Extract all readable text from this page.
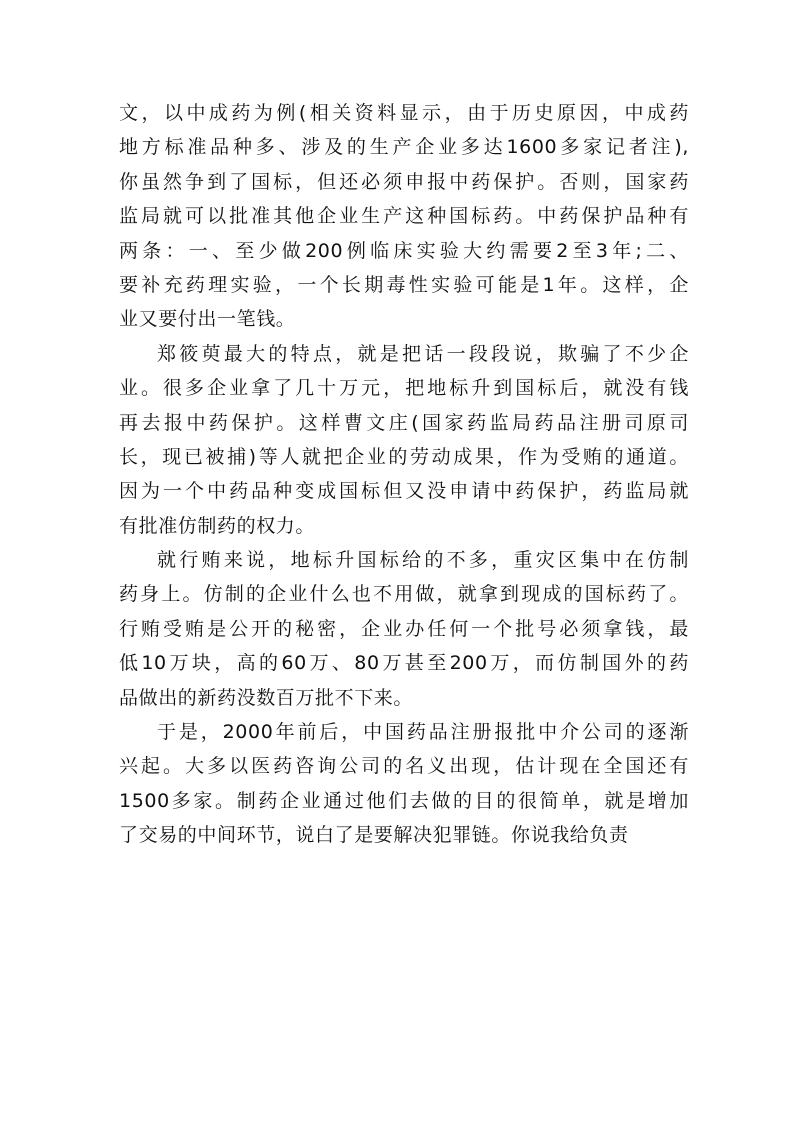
文，以中成药为例(相关资料显示，由于历史原因，中成药
地方标准品种多、涉及的生产企业多达1600多家记者注),
你虽然争到了国标，但还必须申报中药保护。否则，国家药
监局就可以批准其他企业生产这种国标药。中药保护品种有
两条：一、至少做200例临床实验大约需要2至3年;二、
要补充药理实验，一个长期毒性实验可能是1年。这样，企
业又要付出一笔钱。
郑筱萸最大的特点，就是把话一段段说，欺骗了不少企
业。很多企业拿了几十万元，把地标升到国标后，就没有钱
再去报中药保护。这样曹文庄(国家药监局药品注册司原司
长，现已被捕)等人就把企业的劳动成果，作为受贿的通道。
因为一个中药品种变成国标但又没申请中药保护，药监局就
有批准仿制药的权力。
就行贿来说，地标升国标给的不多，重灾区集中在仿制
药身上。仿制的企业什么也不用做，就拿到现成的国标药了。
行贿受贿是公开的秘密，企业办任何一个批号必须拿钱，最
低10万块，高的60万、80万甚至200万，而仿制国外的药
品做出的新药没数百万批不下来。
于是，2000年前后，中国药品注册报批中介公司的逐渐
兴起。大多以医药咨询公司的名义出现，估计现在全国还有
1500多家。制药企业通过他们去做的目的很简单，就是增加
了交易的中间环节，说白了是要解决犯罪链。你说我给负责
